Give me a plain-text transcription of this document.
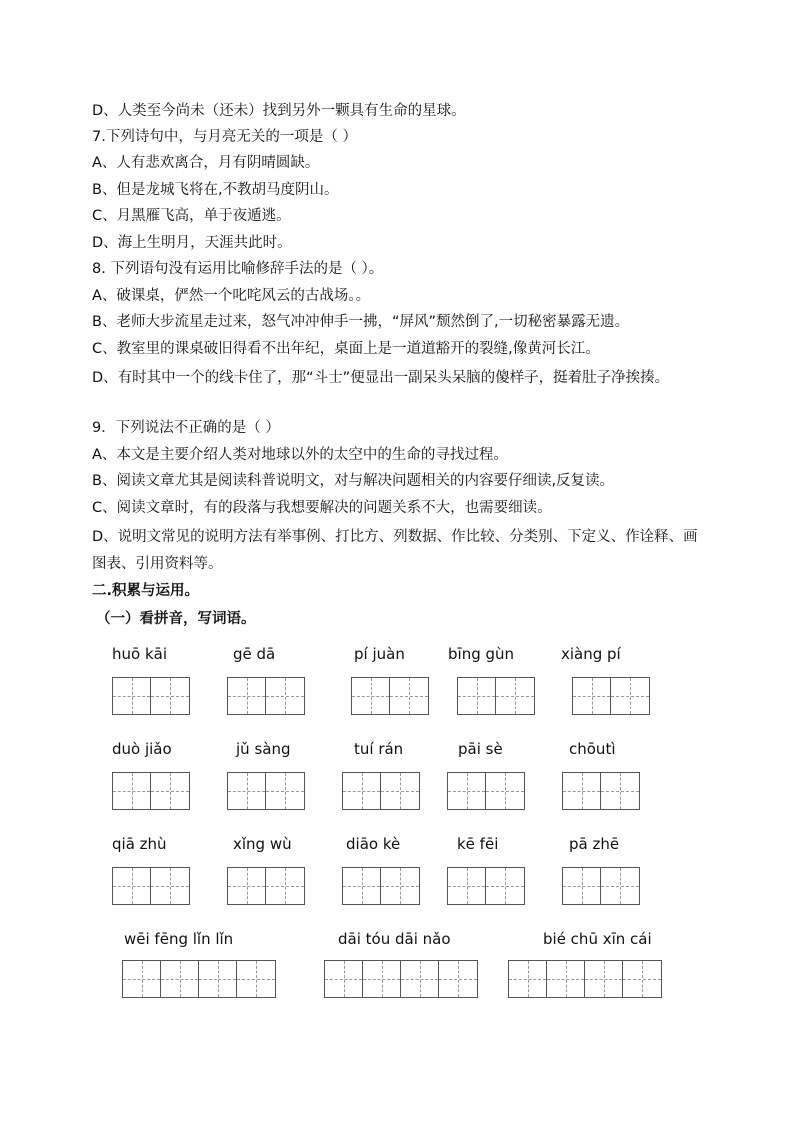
D、人类至今尚未（还未）找到另外一颗具有生命的星球。
7.下列诗句中，与月亮无关的一项是（ ）
A、人有悲欢离合，月有阴晴圆缺。
B、但是龙城飞将在,不教胡马度阴山。
C、月黑雁飞高，单于夜遁逃。
D、海上生明月，天涯共此时。
8. 下列语句没有运用比喻修辞手法的是（ ）。
A、破课桌，俨然一个叱咤风云的古战场。。
B、老师大步流星走过来，怒气冲冲伸手一拂，“屏风”颓然倒了,一切秘密暴露无遗。
C、教室里的课桌破旧得看不出年纪，桌面上是一道道豁开的裂缝,像黄河长江。
D、有时其中一个的线卡住了，那“斗士”便显出一副呆头呆脑的傻样子，挺着肚子净挨揍。
9．下列说法不正确的是（ ）
A、本文是主要介绍人类对地球以外的太空中的生命的寻找过程。
B、阅读文章尤其是阅读科普说明文，对与解决问题相关的内容要仔细读,反复读。
C、阅读文章时，有的段落与我想要解决的问题关系不大，也需要细读。
D、说明文常见的说明方法有举事例、打比方、列数据、作比较、分类别、下定义、作诠释、画图表、引用资料等。
二.积累与运用。
（一）看拼音，写词语。
huō kāi	gē dā	pí juàn	bīng gùn	xiàng pí
duò jiǎo	jǔ sàng	tuí rán	pāi sè	chōutì
qiā zhù	xǐng wù	diāo kè	kē fēi	pā zhē
wēi fēng lǐn lǐn	dāi tóu dāi nǎo	bié chū xīn cái
